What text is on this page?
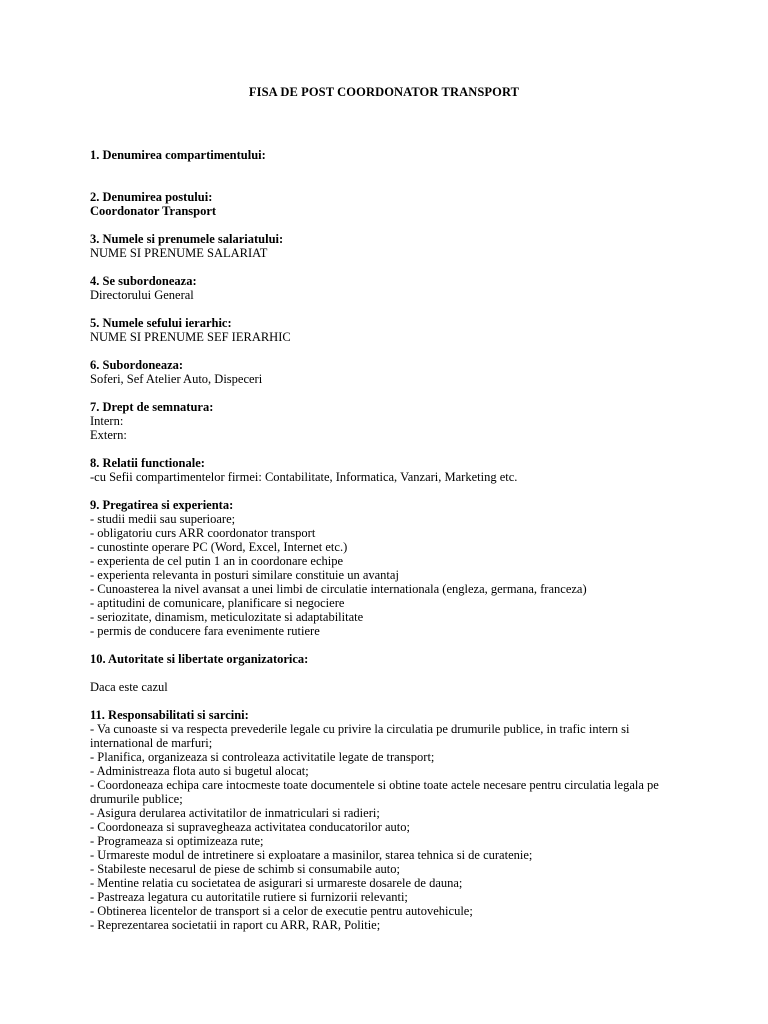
FISA DE POST COORDONATOR TRANSPORT
1. Denumirea compartimentului:
2. Denumirea postului:
Coordonator Transport
3. Numele si prenumele salariatului:
NUME SI PRENUME SALARIAT
4. Se subordoneaza:
Directorului General
5. Numele sefului ierarhic:
NUME SI PRENUME SEF IERARHIC
6. Subordoneaza:
Soferi, Sef Atelier Auto, Dispeceri
7. Drept de semnatura:
Intern:
Extern:
8. Relatii functionale:
-cu Sefii compartimentelor firmei: Contabilitate, Informatica, Vanzari, Marketing etc.
9. Pregatirea si experienta:
- studii medii sau superioare;
- obligatoriu curs ARR coordonator transport
- cunostinte operare PC (Word, Excel, Internet etc.)
- experienta de cel putin 1 an in coordonare echipe
- experienta relevanta in posturi similare constituie un avantaj
- Cunoasterea la nivel avansat a unei limbi de circulatie internationala (engleza, germana, franceza)
- aptitudini de comunicare, planificare si negociere
- seriozitate, dinamism, meticulozitate si adaptabilitate
- permis de conducere fara evenimente rutiere
10. Autoritate si libertate organizatorica:

Daca este cazul
11. Responsabilitati si sarcini:
- Va cunoaste si va respecta prevederile legale cu privire la circulatia pe drumurile publice, in trafic intern si international de marfuri;
- Planifica, organizeaza si controleaza activitatile legate de transport;
- Administreaza flota auto si bugetul alocat;
- Coordoneaza echipa care intocmeste toate documentele si obtine toate actele necesare pentru circulatia legala pe drumurile publice;
- Asigura derularea activitatilor de inmatriculari si radieri;
- Coordoneaza si supravegheaza activitatea conducatorilor auto;
- Programeaza si optimizeaza rute;
- Urmareste modul de intretinere si exploatare a masinilor, starea tehnica si de curatenie;
- Stabileste necesarul de piese de schimb si consumabile auto;
- Mentine relatia cu societatea de asigurari si urmareste dosarele de dauna;
- Pastreaza legatura cu autoritatile rutiere si furnizorii relevanti;
- Obtinerea licentelor de transport si a celor de executie pentru autovehicule;
- Reprezentarea societatii in raport cu ARR, RAR, Politie;
